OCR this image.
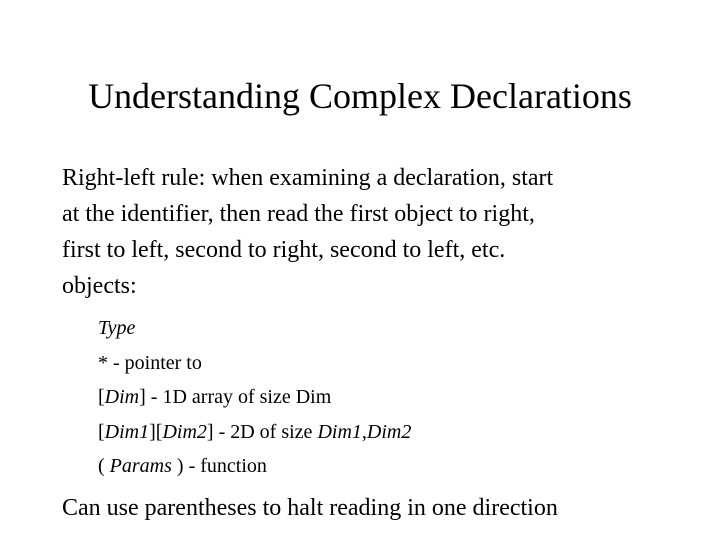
Understanding Complex Declarations
Right-left rule: when examining a declaration, start
at the identifier, then read the first object to right,
first to left, second to right, second to left, etc.
objects:
Type
* - pointer to
[Dim] - 1D array of size Dim
[Dim1][Dim2] - 2D of size Dim1,Dim2
( Params ) - function
Can use parentheses to halt reading in one direction
